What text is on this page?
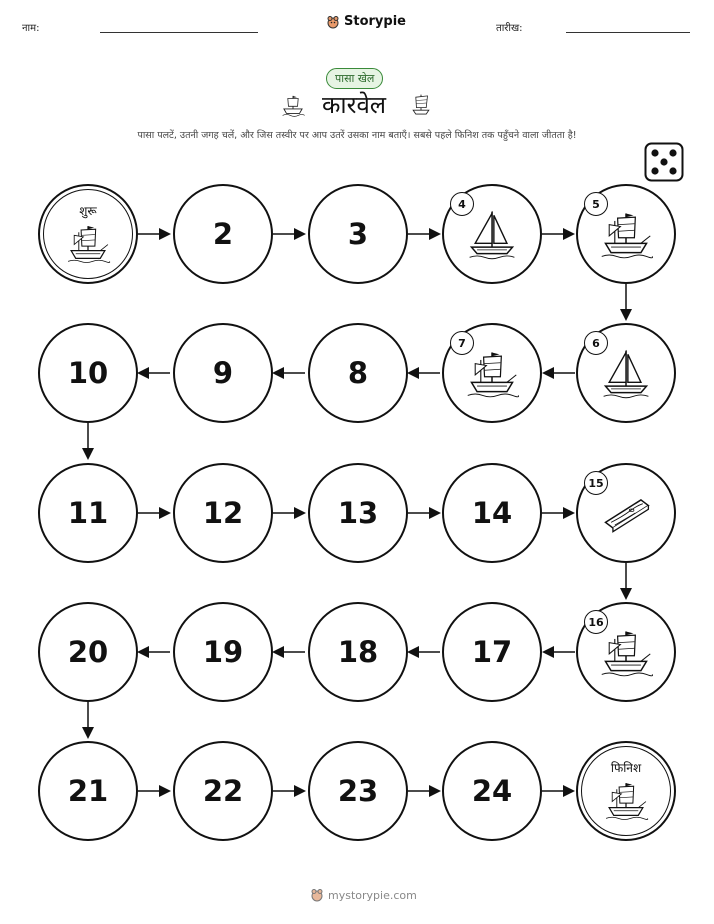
नाम:	Storypie	तारीख:
पासा खेल
कारवेल
पासा पलटें, उतनी जगह चलें, और जिस तस्वीर पर आप उतरें उसका नाम बताएँ। सबसे पहले फिनिश तक पहुँचने वाला जीतता है!
शुरू
2	3
4	5
6
7
8
9
10
11	12	13	14
15
16
17
18
19
20
21	22	23	24
फिनिश
mystorypie.com
